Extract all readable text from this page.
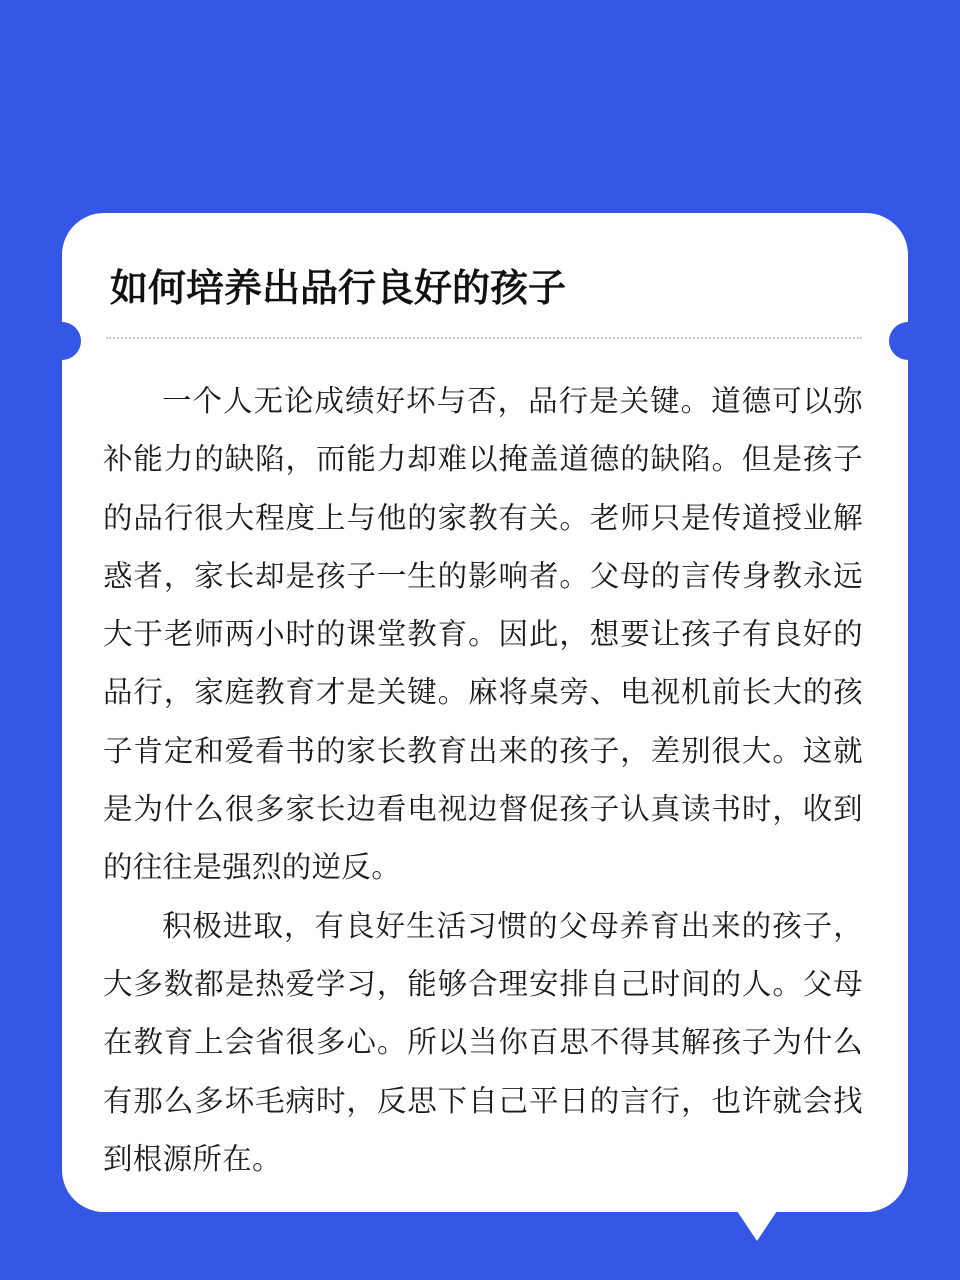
如何培养出品行良好的孩子

一个人无论成绩好坏与否，品行是关键。道德可以弥补能力的缺陷，而能力却难以掩盖道德的缺陷。但是孩子的品行很大程度上与他的家教有关。老师只是传道授业解惑者，家长却是孩子一生的影响者。父母的言传身教永远大于老师两小时的课堂教育。因此，想要让孩子有良好的品行，家庭教育才是关键。麻将桌旁、电视机前长大的孩子肯定和爱看书的家长教育出来的孩子，差别很大。这就是为什么很多家长边看电视边督促孩子认真读书时，收到的往往是强烈的逆反。

积极进取，有良好生活习惯的父母养育出来的孩子，大多数都是热爱学习，能够合理安排自己时间的人。父母在教育上会省很多心。所以当你百思不得其解孩子为什么有那么多坏毛病时，反思下自己平日的言行，也许就会找到根源所在。
